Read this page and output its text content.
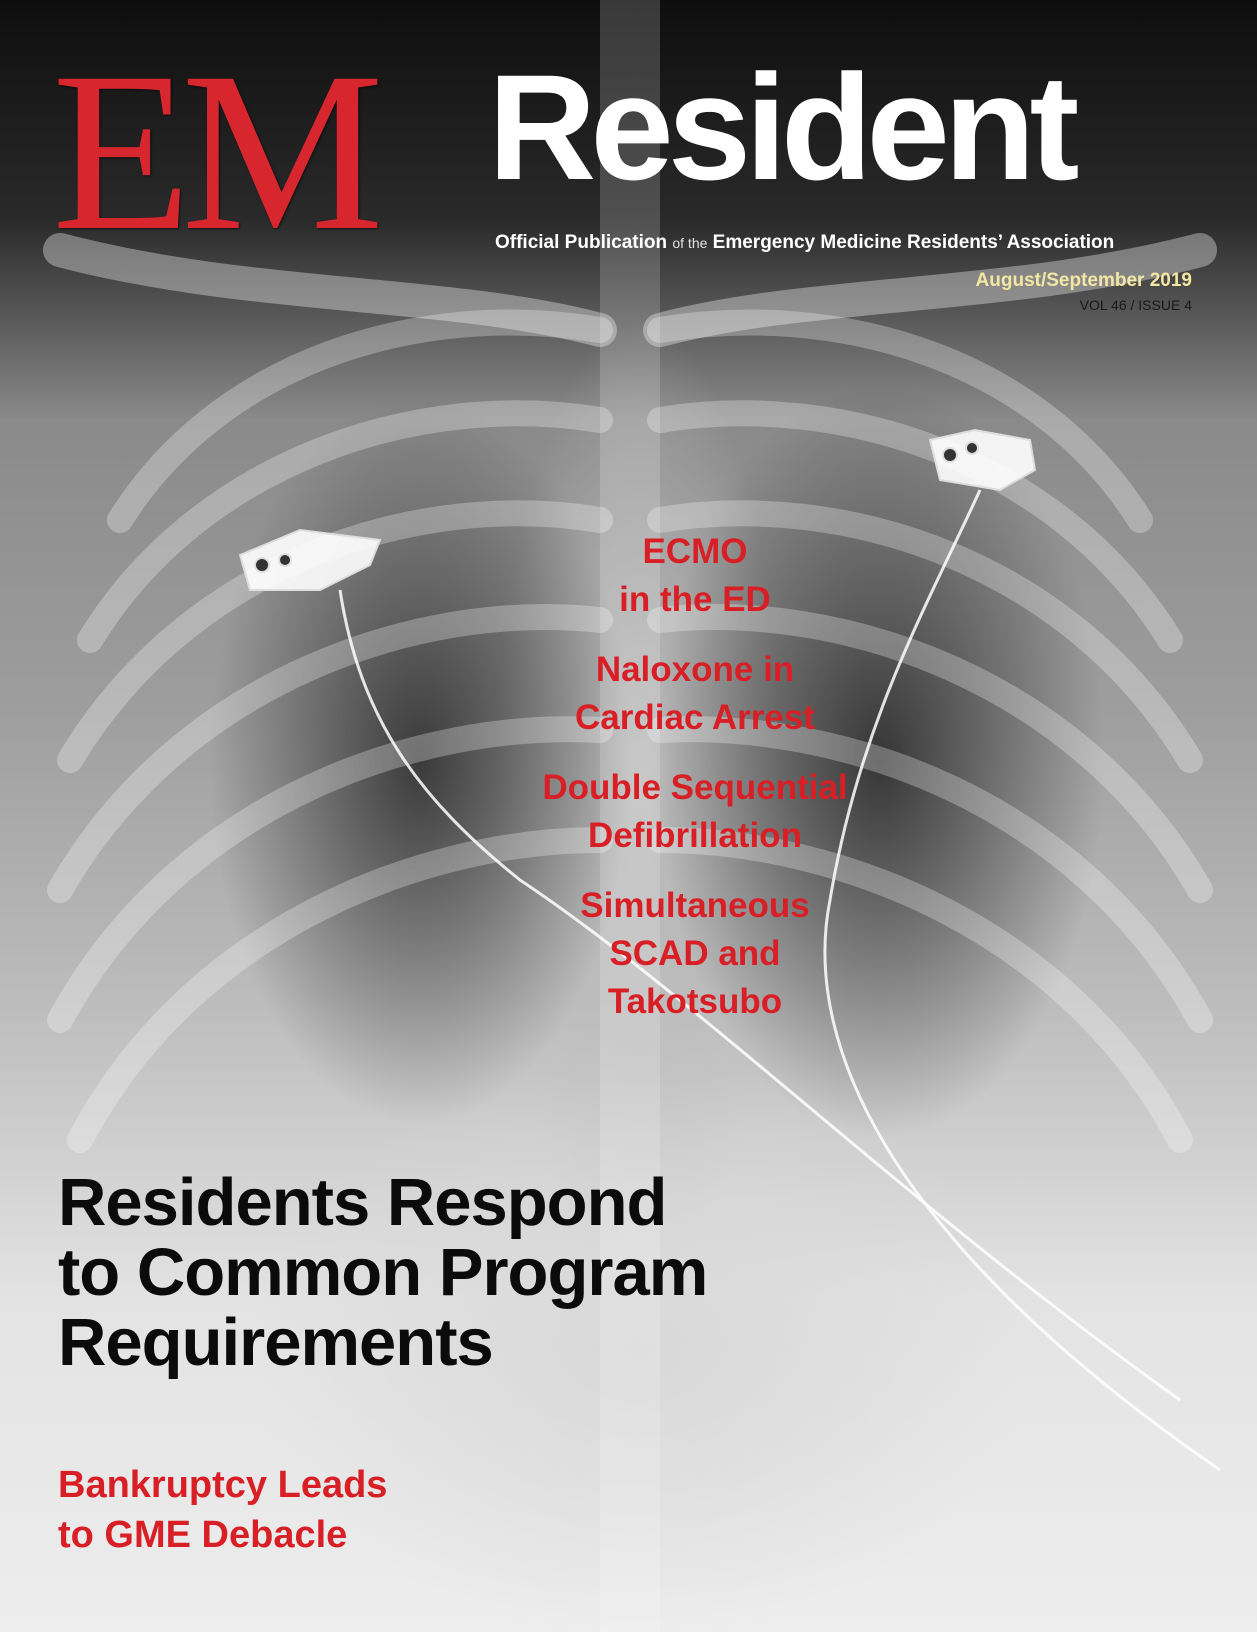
EM Resident
Official Publication of the Emergency Medicine Residents’ Association
August/September 2019
VOL 46 / ISSUE 4
ECMO
in the ED
Naloxone in
Cardiac Arrest
Double Sequential
Defibrillation
Simultaneous
SCAD and
Takotsubo
Residents Respond
to Common Program
Requirements
Bankruptcy Leads
to GME Debacle
